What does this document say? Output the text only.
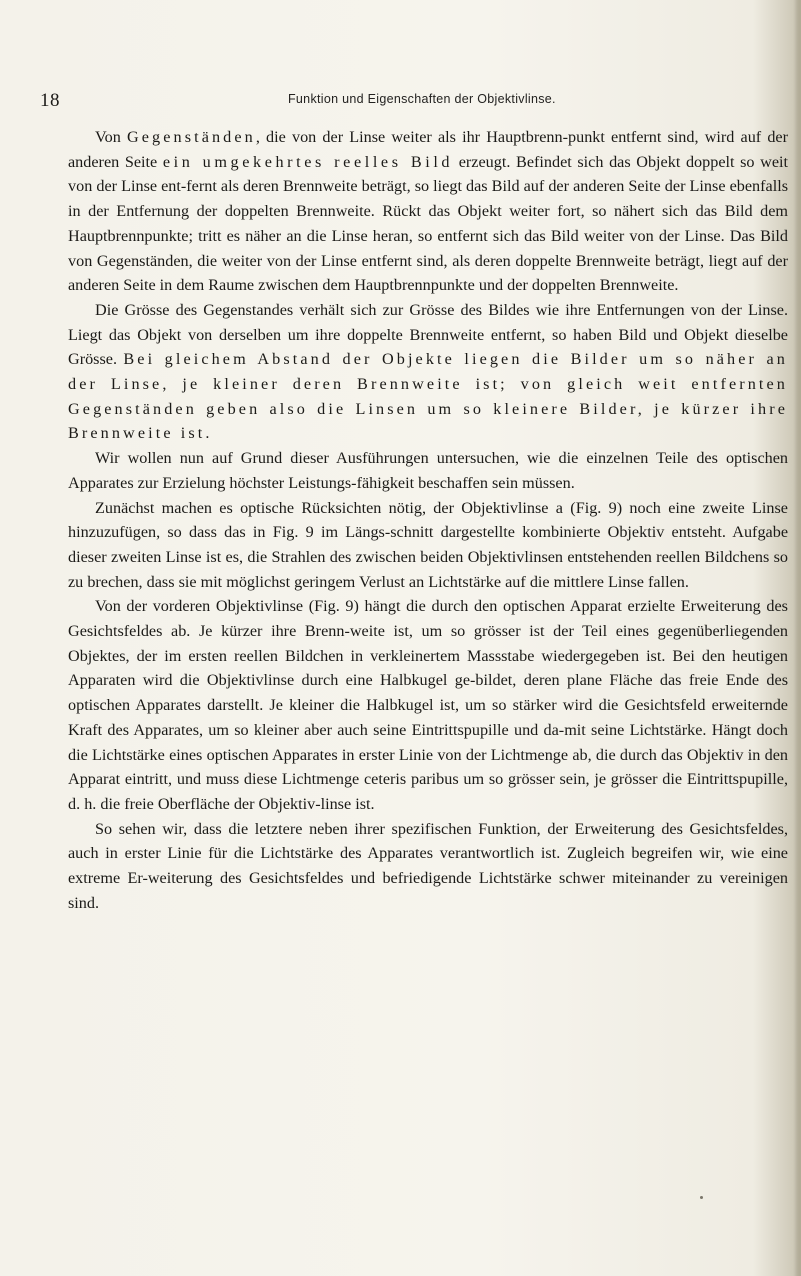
18	Funktion und Eigenschaften der Objektivlinse.

Von Gegenständen, die von der Linse weiter als ihr Hauptbrenn-punkt entfernt sind, wird auf der anderen Seite ein umgekehrtes reelles Bild erzeugt. Befindet sich das Objekt doppelt so weit von der Linse ent-fernt als deren Brennweite beträgt, so liegt das Bild auf der anderen Seite der Linse ebenfalls in der Entfernung der doppelten Brennweite. Rückt das Objekt weiter fort, so nähert sich das Bild dem Hauptbrennpunkte; tritt es näher an die Linse heran, so entfernt sich das Bild weiter von der Linse. Das Bild von Gegenständen, die weiter von der Linse entfernt sind, als deren doppelte Brennweite beträgt, liegt auf der anderen Seite in dem Raume zwischen dem Hauptbrennpunkte und der doppelten Brennweite.

Die Grösse des Gegenstandes verhält sich zur Grösse des Bildes wie ihre Entfernungen von der Linse. Liegt das Objekt von derselben um ihre doppelte Brennweite entfernt, so haben Bild und Objekt dieselbe Grösse. Bei gleichem Abstand der Objekte liegen die Bilder um so näher an der Linse, je kleiner deren Brennweite ist; von gleich weit entfernten Gegenständen geben also die Linsen um so kleinere Bilder, je kürzer ihre Brennweite ist.

Wir wollen nun auf Grund dieser Ausführungen untersuchen, wie die einzelnen Teile des optischen Apparates zur Erzielung höchster Leistungs-fähigkeit beschaffen sein müssen.

Zunächst machen es optische Rücksichten nötig, der Objektivlinse a (Fig. 9) noch eine zweite Linse hinzuzufügen, so dass das in Fig. 9 im Längs-schnitt dargestellte kombinierte Objektiv entsteht. Aufgabe dieser zweiten Linse ist es, die Strahlen des zwischen beiden Objektivlinsen entstehenden reellen Bildchens so zu brechen, dass sie mit möglichst geringem Verlust an Lichtstärke auf die mittlere Linse fallen.

Von der vorderen Objektivlinse (Fig. 9) hängt die durch den optischen Apparat erzielte Erweiterung des Gesichtsfeldes ab. Je kürzer ihre Brenn-weite ist, um so grösser ist der Teil eines gegenüberliegenden Objektes, der im ersten reellen Bildchen in verkleinertem Massstabe wiedergegeben ist. Bei den heutigen Apparaten wird die Objektivlinse durch eine Halbkugel ge-bildet, deren plane Fläche das freie Ende des optischen Apparates darstellt. Je kleiner die Halbkugel ist, um so stärker wird die Gesichtsfeld erweiternde Kraft des Apparates, um so kleiner aber auch seine Eintrittspupille und da-mit seine Lichtstärke. Hängt doch die Lichtstärke eines optischen Apparates in erster Linie von der Lichtmenge ab, die durch das Objektiv in den Apparat eintritt, und muss diese Lichtmenge ceteris paribus um so grösser sein, je grösser die Eintrittspupille, d. h. die freie Oberfläche der Objektiv-linse ist.

So sehen wir, dass die letztere neben ihrer spezifischen Funktion, der Erweiterung des Gesichtsfeldes, auch in erster Linie für die Lichtstärke des Apparates verantwortlich ist. Zugleich begreifen wir, wie eine extreme Er-weiterung des Gesichtsfeldes und befriedigende Lichtstärke schwer miteinander zu vereinigen sind.
